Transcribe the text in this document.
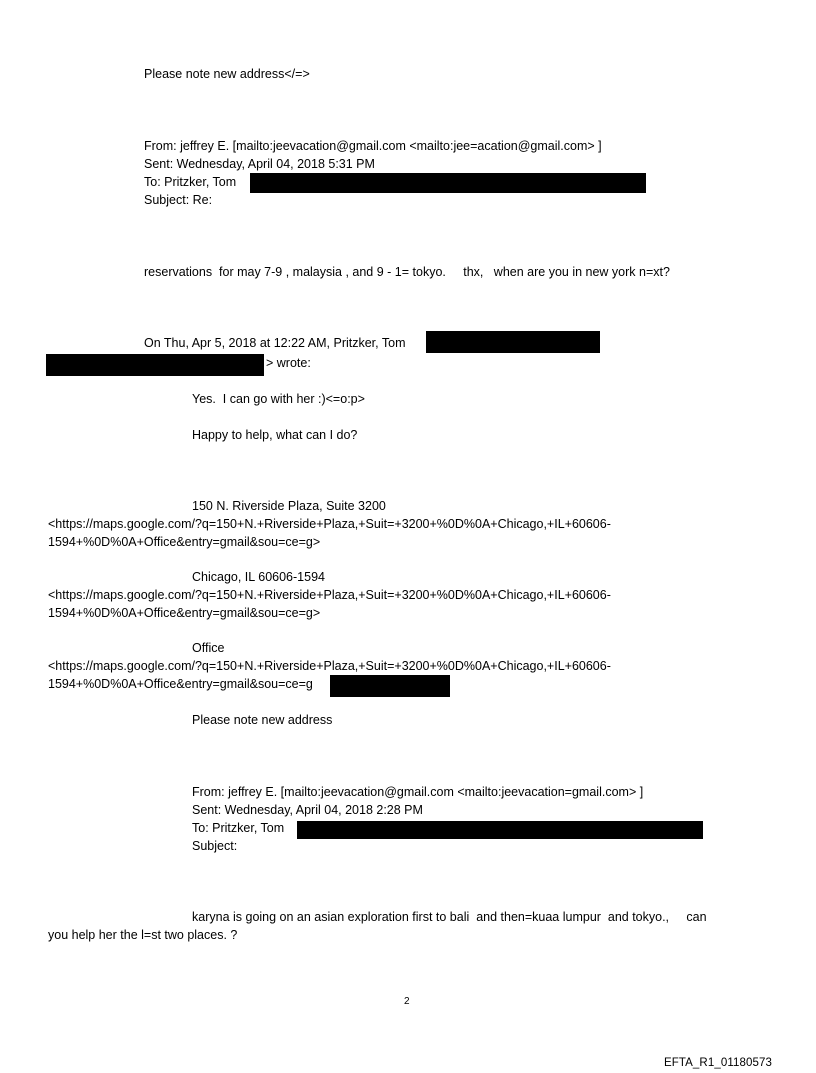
Please note new address</=>
From: jeffrey E. [mailto:jeevacation@gmail.com <mailto:jee=acation@gmail.com> ]
Sent: Wednesday, April 04, 2018 5:31 PM
To: Pritzker, Tom
Subject: Re:
reservations  for may 7-9 , malaysia , and 9 - 1= tokyo.     thx,   when are you in new york n=xt?
On Thu, Apr 5, 2018 at 12:22 AM, Pritzker, Tom
> wrote:
Yes.  I can go with her :)<=o:p>
Happy to help, what can I do?
150 N. Riverside Plaza, Suite 3200
<https://maps.google.com/?q=150+N.+Riverside+Plaza,+Suit=+3200+%0D%0A+Chicago,+IL+60606-
1594+%0D%0A+Office&entry=gmail&sou=ce=g>
Chicago, IL 60606-1594
<https://maps.google.com/?q=150+N.+Riverside+Plaza,+Suit=+3200+%0D%0A+Chicago,+IL+60606-
1594+%0D%0A+Office&entry=gmail&sou=ce=g>
Office
<https://maps.google.com/?q=150+N.+Riverside+Plaza,+Suit=+3200+%0D%0A+Chicago,+IL+60606-
1594+%0D%0A+Office&entry=gmail&sou=ce=g
Please note new address
From: jeffrey E. [mailto:jeevacation@gmail.com <mailto:jeevacation=gmail.com> ]
Sent: Wednesday, April 04, 2018 2:28 PM
To: Pritzker, Tom
Subject:
karyna is going on an asian exploration first to bali  and then=kuaa lumpur  and tokyo.,     can
you help her the l=st two places. ?
2
EFTA_R1_01180573
